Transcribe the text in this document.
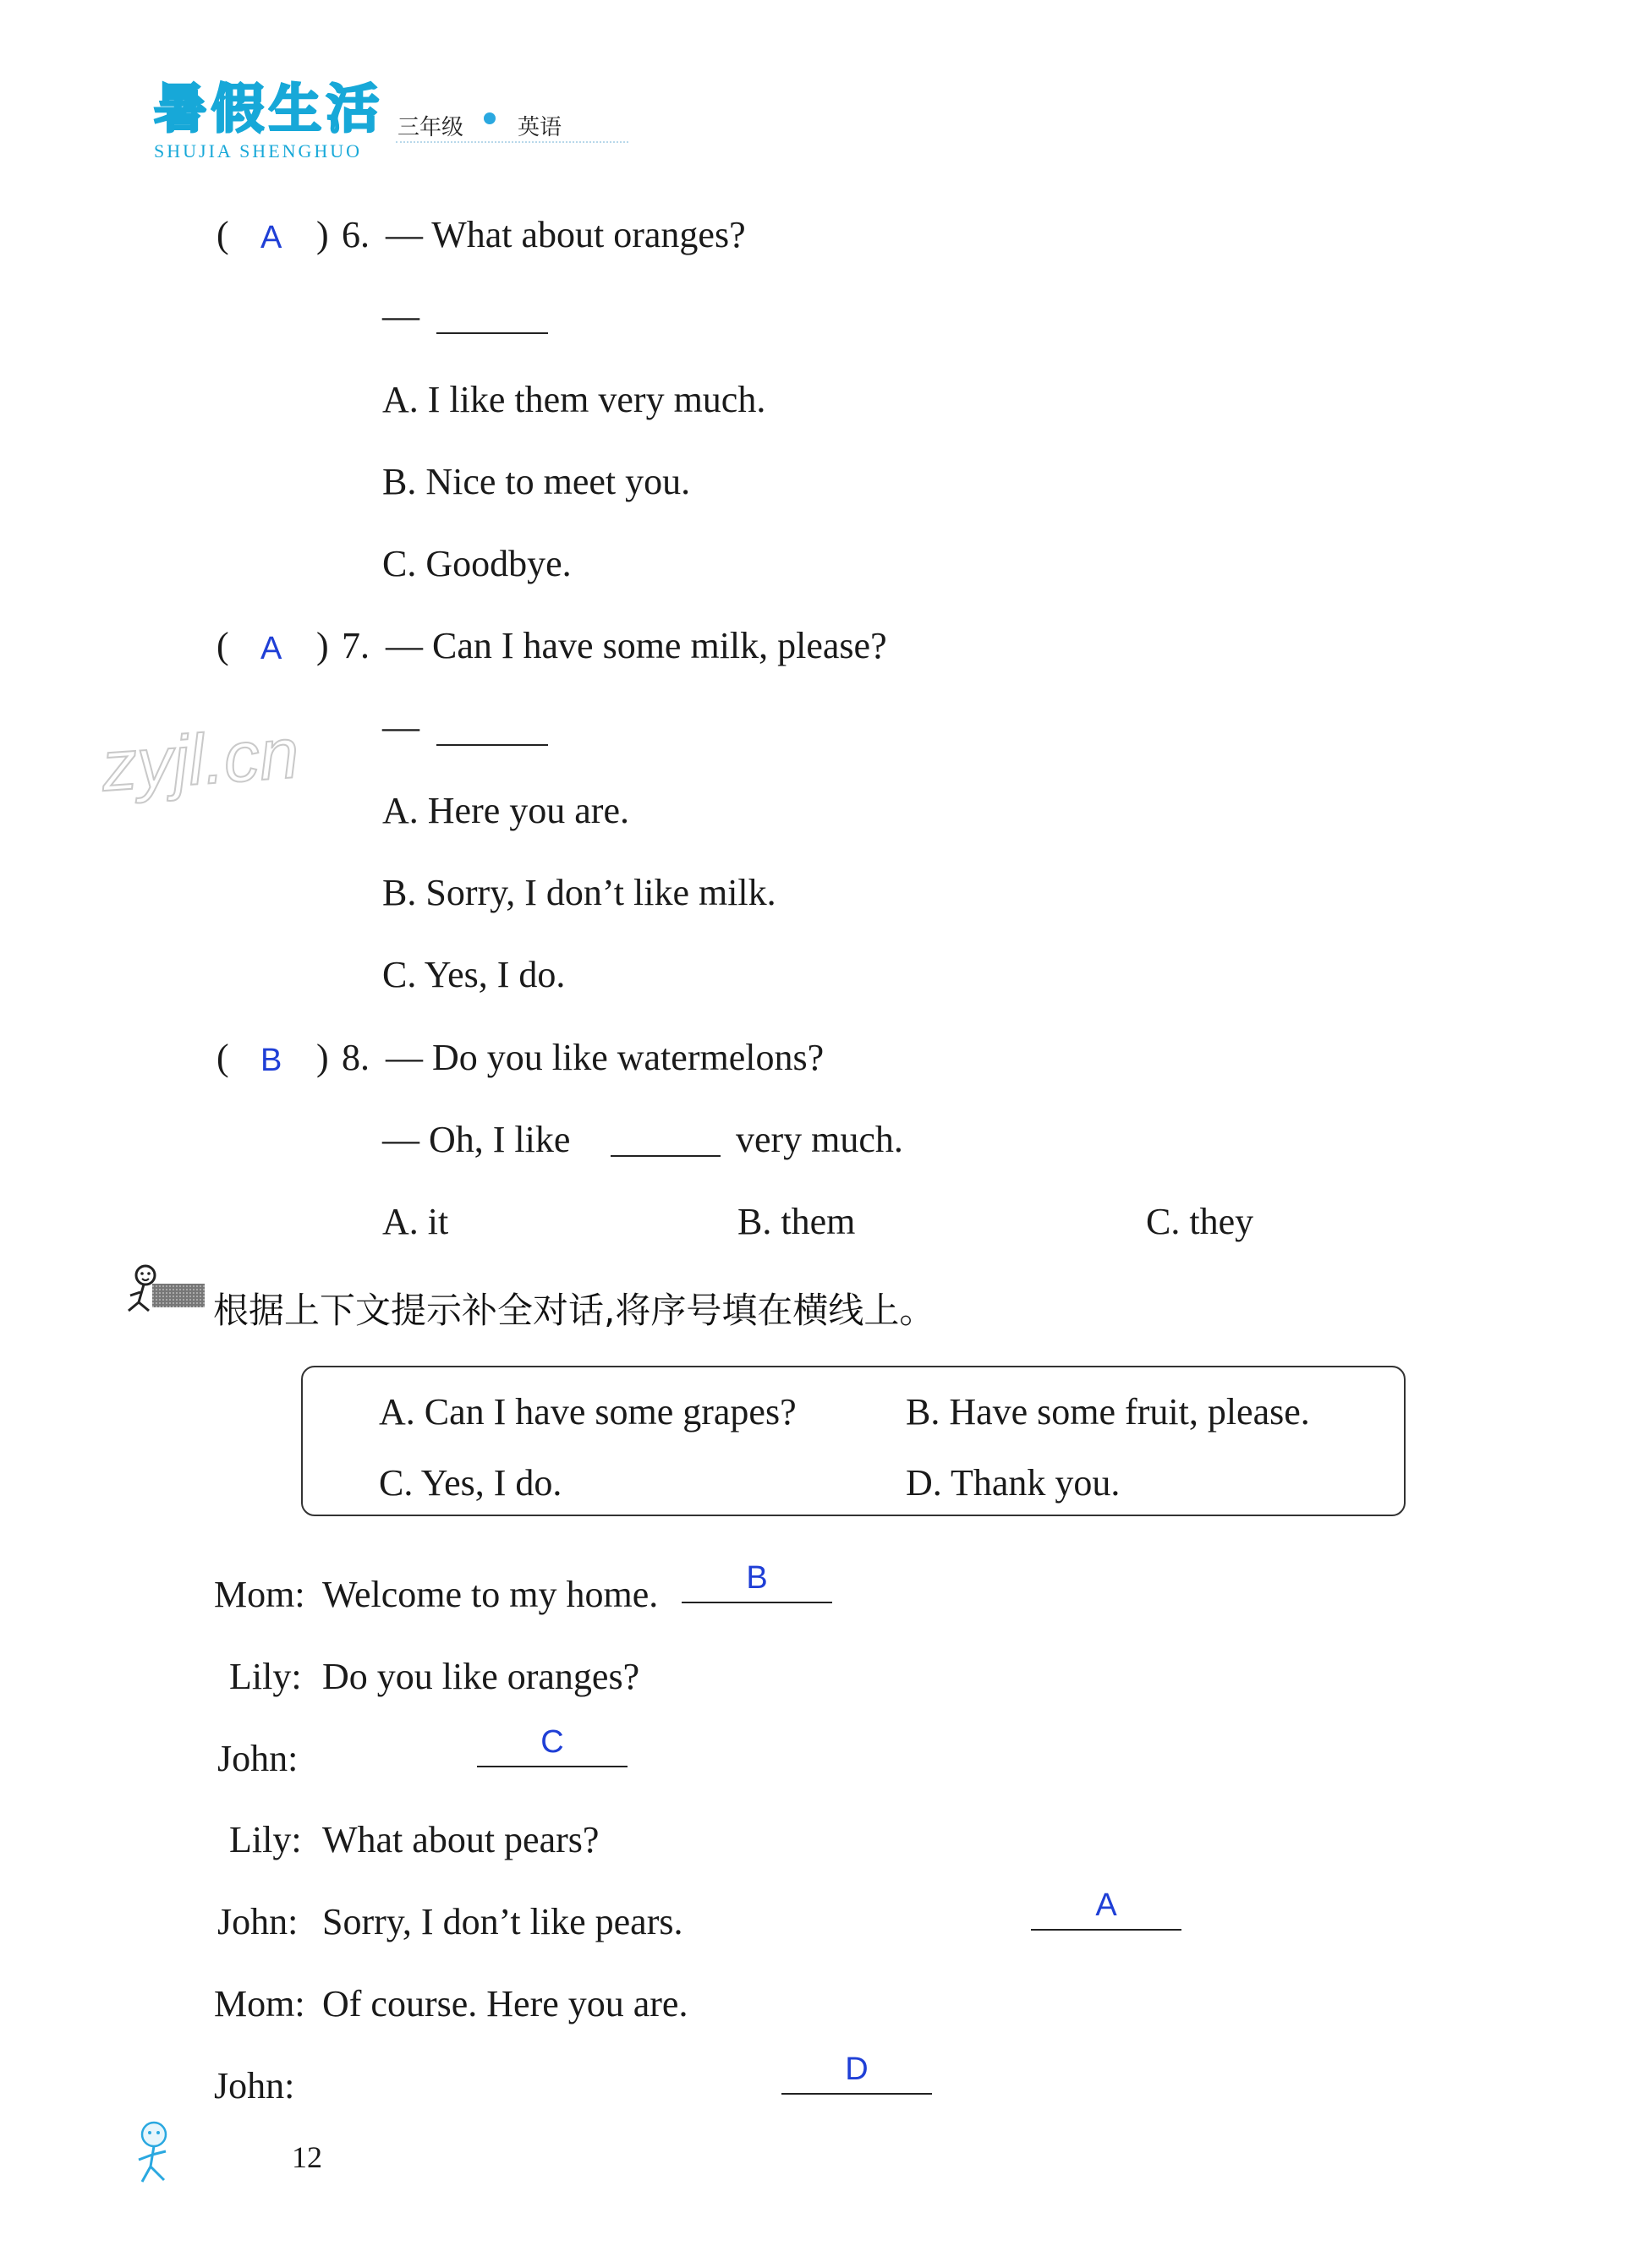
暑假生活
SHUJIA SHENGHUO
三年级 英语
zyjl.cn
( A ) 6. — What about oranges?
—
A. I like them very much.
B. Nice to meet you.
C. Goodbye.
( A ) 7. — Can I have some milk, please?
—
A. Here you are.
B. Sorry, I don’t like milk.
C. Yes, I do.
( B ) 8. — Do you like watermelons?
— Oh, I like	very much.
A. it	B. them	C. they
根据上下文提示补全对话,将序号填在横线上。
A. Can I have some grapes?	B. Have some fruit, please.
C. Yes, I do.	D. Thank you.
Mom: Welcome to my home.	B

Lily: Do you like oranges?
John:	C

Lily: What about pears?
John: Sorry, I don’t like pears.	A

Mom: Of course. Here you are.
John:	D
12
